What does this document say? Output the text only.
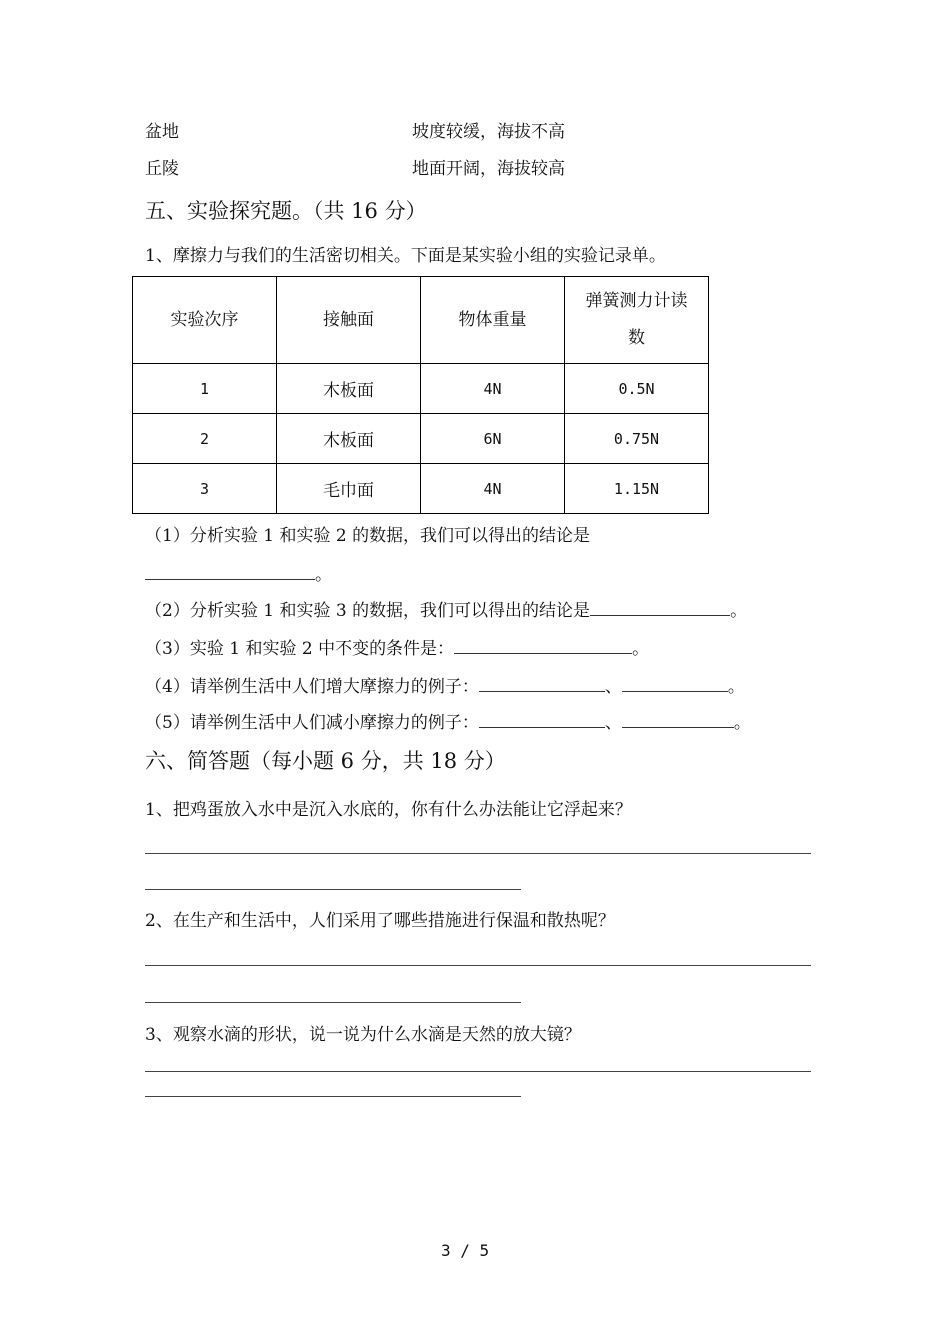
盆地	坡度较缓，海拔不高
丘陵	地面开阔，海拔较高
五、实验探究题。（共 16 分）
1、摩擦力与我们的生活密切相关。下面是某实验小组的实验记录单。
实验次序	接触面	物体重量	弹簧测力计读数
1	木板面	4N	0.5N
2	木板面	6N	0.75N
3	毛巾面	4N	1.15N
（1）分析实验 1 和实验 2 的数据，我们可以得出的结论是
。
（2）分析实验 1 和实验 3 的数据，我们可以得出的结论是	。
（3）实验 1 和实验 2 中不变的条件是：	。
（4）请举例生活中人们增大摩擦力的例子：	、	。
（5）请举例生活中人们减小摩擦力的例子：	、	。
六、简答题（每小题 6 分，共 18 分）
1、把鸡蛋放入水中是沉入水底的，你有什么办法能让它浮起来？
2、在生产和生活中，人们采用了哪些措施进行保温和散热呢？
3、观察水滴的形状，说一说为什么水滴是天然的放大镜？
3 / 5
